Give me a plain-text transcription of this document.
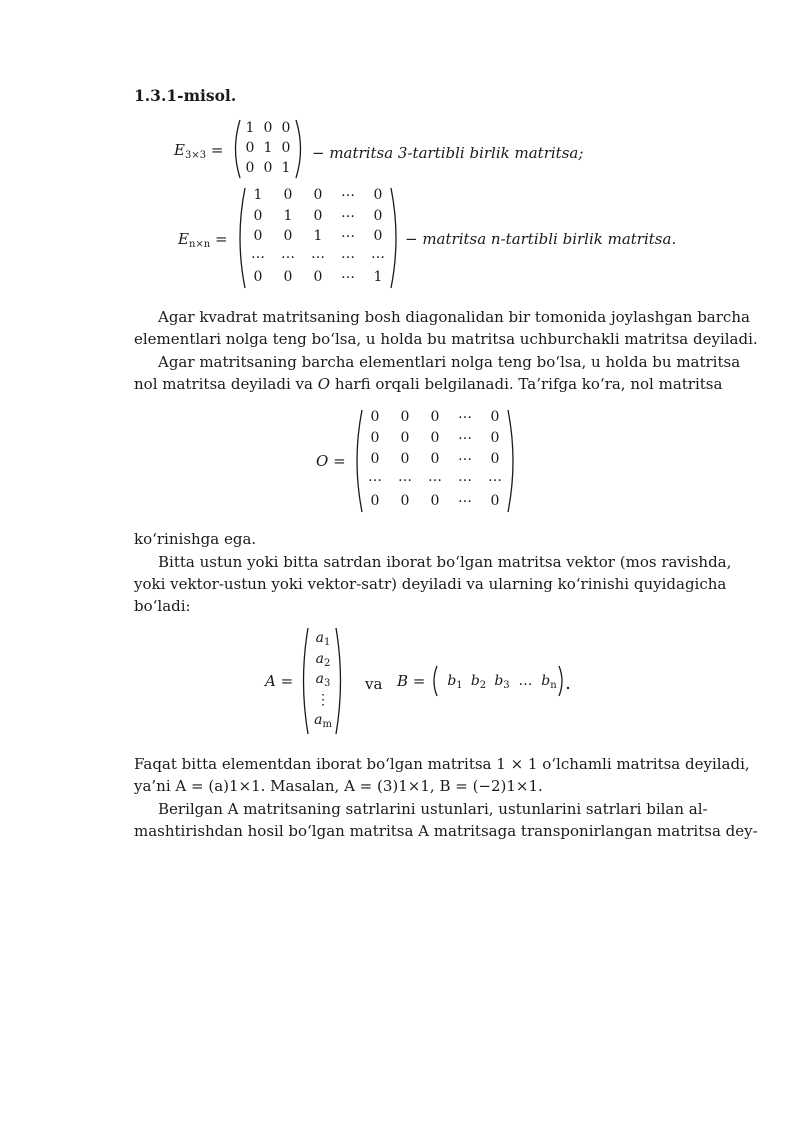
1.3.1-misol.
$E_{3\times 3}$ =
1 0 0
0 1 0
0 0 1
− matritsa 3-tartibli birlik matritsa;
$E_{n\times n}$ =
1	0	0	…	0
0	1	0	…	0
0	0	1	…	0
… … … … …
0	0	0	…	1
− matritsa n-tartibli birlik matritsa.
Agar kvadrat matritsaning bosh diagonalidan bir tomonida joylashgan barcha
elementlari nolga teng bo‘lsa, u holda bu matritsa uchburchakli matritsa deyiladi.
Agar matritsaning barcha elementlari nolga teng bo‘lsa, u holda bu matritsa
nol matritsa deyiladi va O harfi orqali belgilanadi. Ta’rifga ko‘ra, nol matritsa
O =
0	0	0	…	0
0	0	0	…	0
0	0	0	…	0
… … … … …
0	0	0	…	0
ko‘rinishga ega.
Bitta ustun yoki bitta satrdan iborat bo‘lgan matritsa vektor (mos ravishda,
yoki vektor-ustun yoki vektor-satr) deyiladi va ularning ko‘rinishi quyidagicha
bo‘ladi:
A =
$a_1$
$a_2$
$a_3$
⋮
$a_m$
va B =	$b_1$ $b_2$ $b_3$ … $b_n$
Faqat bitta elementdan iborat bo‘lgan matritsa 1 × 1 o‘lchamli matritsa deyiladi,
ya’ni A = (a)1×1. Masalan, A = (3)1×1, B = (−2)1×1.
Berilgan A matritsaning satrlarini ustunlari, ustunlarini satrlari bilan al-
mashtirishdan hosil bo‘lgan matritsa A matritsaga transponirlangan matritsa dey-
